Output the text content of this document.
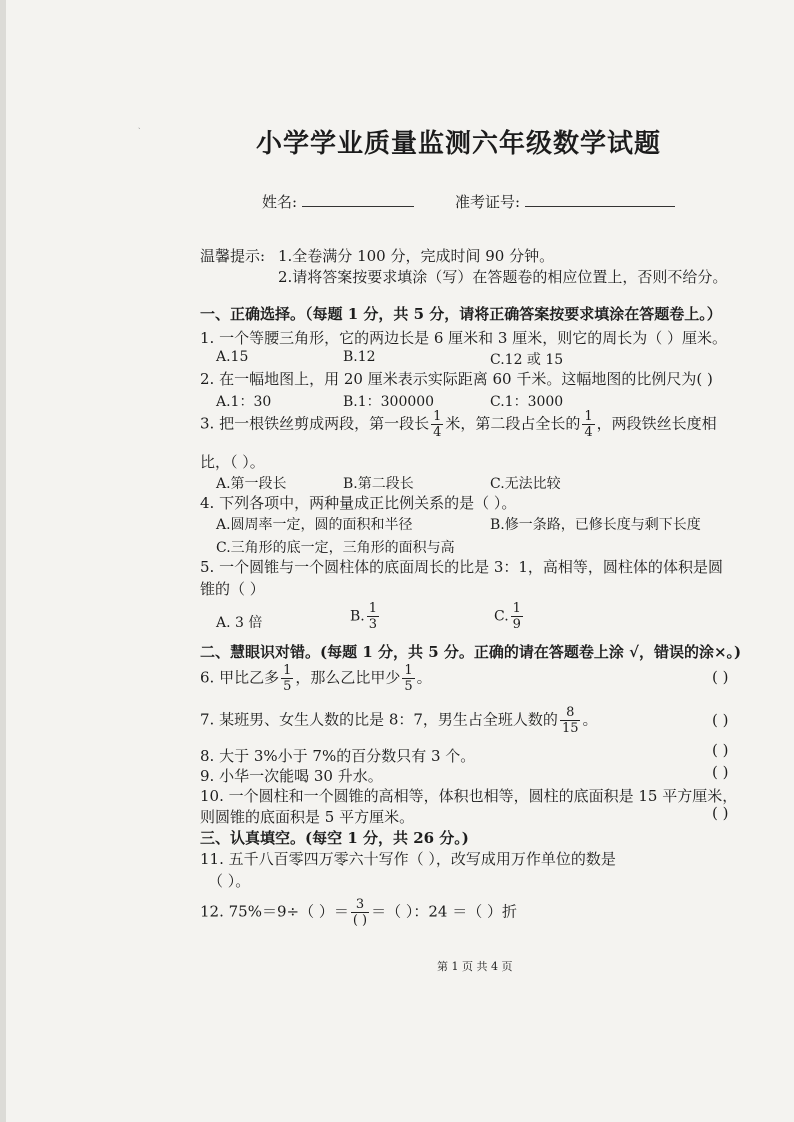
`	小学学业质量监测六年级数学试题
姓名:	准考证号:
温馨提示: 1.全卷满分 100 分，完成时间 90 分钟。
2.请将答案按要求填涂（写）在答题卷的相应位置上，否则不给分。
一、正确选择。（每题 1 分，共 5 分，请将正确答案按要求填涂在答题卷上。）
1. 一个等腰三角形，它的两边长是 6 厘米和 3 厘米，则它的周长为（ ）厘米。
A.15	B.12	C.12 或 15
2. 在一幅地图上，用 20 厘米表示实际距离 60 千米。这幅地图的比例尺为( )
A.1：30	B.1：300000	C.1：3000
3. 把一根铁丝剪成两段，第一段长 $\frac{1}{4}$ 米，第二段占全长的 $\frac{1}{4}$ ，两段铁丝长度相
比，（ ）。
A.第一段长	B.第二段长	C.无法比较
4. 下列各项中，两种量成正比例关系的是（ ）。
A.圆周率一定，圆的面积和半径	B.修一条路，已修长度与剩下长度
C.三角形的底一定，三角形的面积与高
5. 一个圆锥与一个圆柱体的底面周长的比是 3：1，高相等，圆柱体的体积是圆
锥的（ ）
A. 3 倍	B. $\frac{1}{3}$	C. $\frac{1}{9}$
二、慧眼识对错。(每题 1 分，共 5 分。正确的请在答题卷上涂 √，错误的涂×。)
6. 甲比乙多 $\frac{1}{5}$ ，那么乙比甲少 $\frac{1}{5}$ 。	( )
7. 某班男、女生人数的比是 8：7，男生占全班人数的 $\frac{8}{15}$ 。	( )
8. 大于 3%小于 7%的百分数只有 3 个。	( )
9. 小华一次能喝 30 升水。	( )
10. 一个圆柱和一个圆锥的高相等，体积也相等，圆柱的底面积是 15 平方厘米，
则圆锥的底面积是 5 平方厘米。	( )
三、认真填空。(每空 1 分，共 26 分。)
11. 五千八百零四万零六十写作（ ），改写成用万作单位的数是
（ ）。
12. 75%＝9÷（ ）＝ $\frac{3}{( )}$ ＝（ ）：24 ＝（ ）折
第 1 页 共 4 页
